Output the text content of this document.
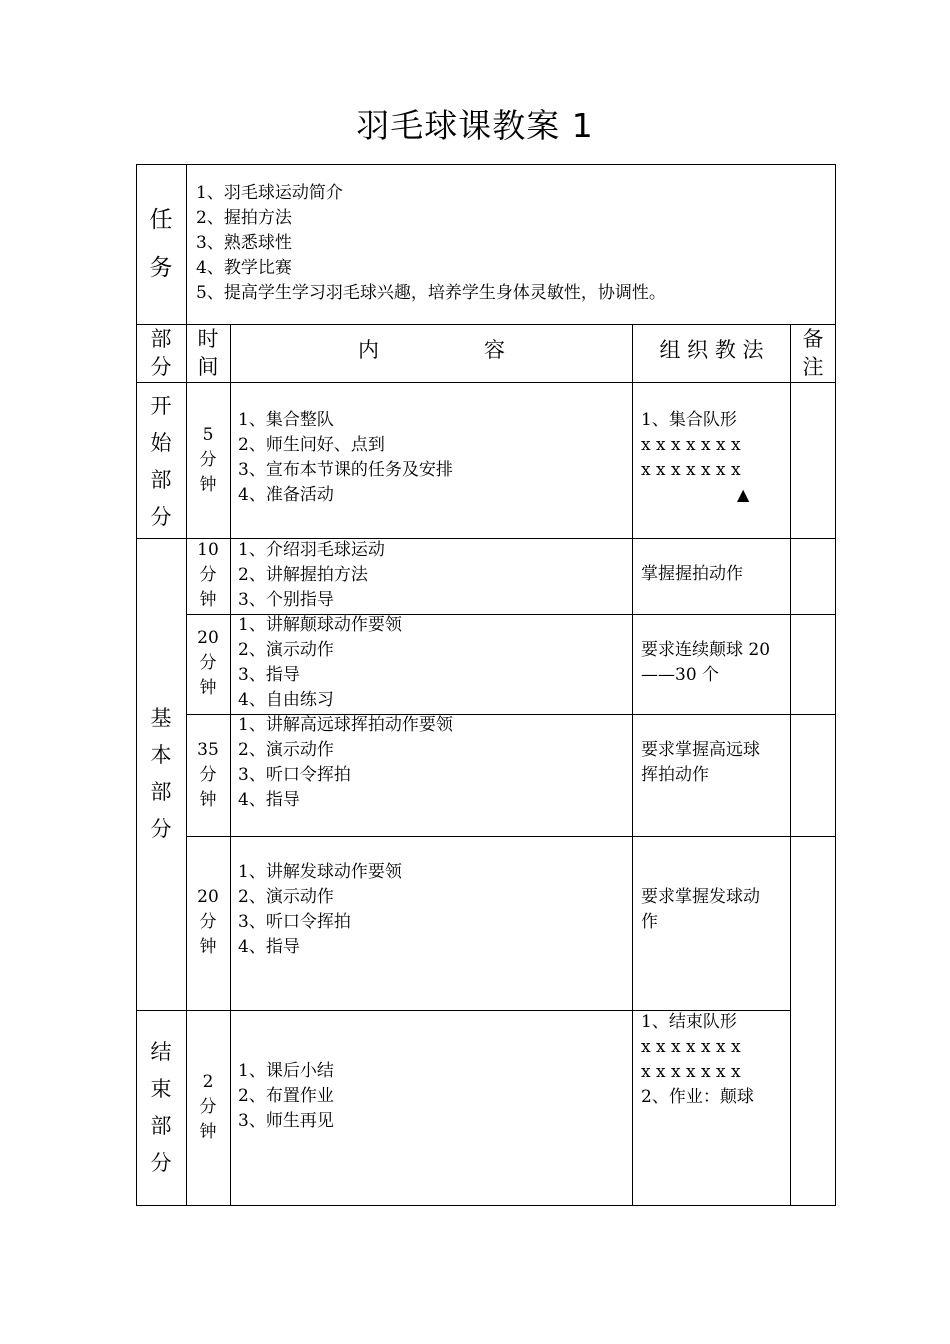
羽毛球课教案 1
任
务
1、羽毛球运动简介
2、握拍方法
3、熟悉球性
4、教学比赛
5、提高学生学习羽毛球兴趣，培养学生身体灵敏性，协调性。
部
分
时
间
内　　　　　容	组 织 教 法	备
注
开
始
部
分
5
分
钟
1、集合整队
2、师生问好、点到
3、宣布本节课的任务及安排
4、准备活动
1、集合队形
x x x x x x x
x x x x x x x
▲
基
本
部
分
10
分
钟
1、介绍羽毛球运动
2、讲解握拍方法
3、个别指导
掌握握拍动作
20
分
钟
1、讲解颠球动作要领
2、演示动作
3、指导
4、自由练习
要求连续颠球 20
——30 个
35
分
钟
1、讲解高远球挥拍动作要领
2、演示动作
3、听口令挥拍
4、指导
要求掌握高远球
挥拍动作
20
分
钟
1、讲解发球动作要领
2、演示动作
3、听口令挥拍
4、指导
要求掌握发球动
作
结
束
部
分
2
分
钟
1、课后小结
2、布置作业
3、师生再见
1、结束队形
x x x x x x x
x x x x x x x
2、作业：颠球
